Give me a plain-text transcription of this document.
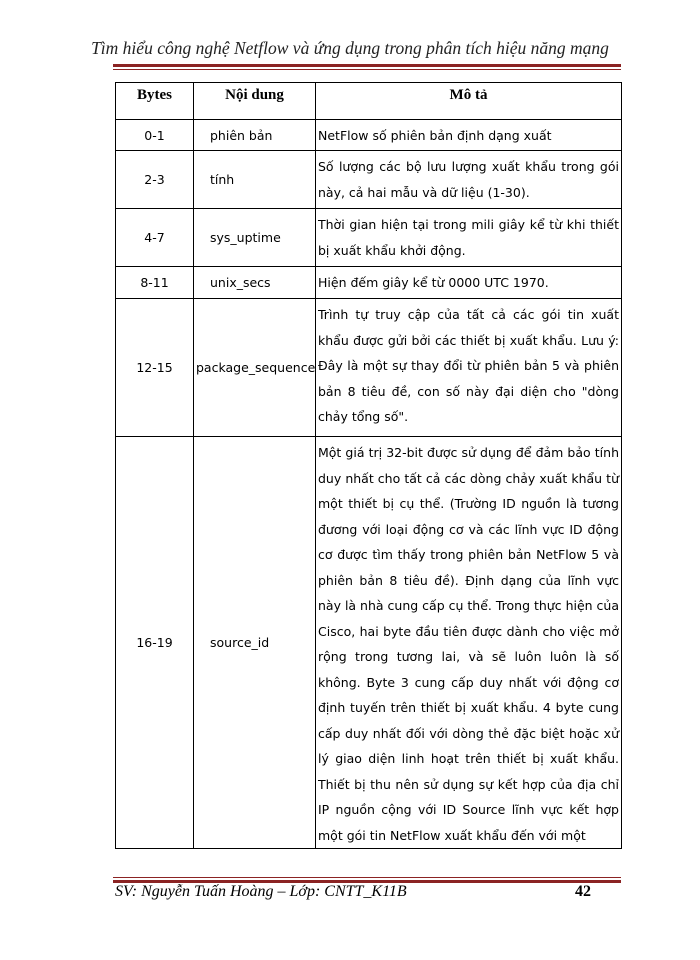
Tìm hiểu công nghệ Netflow và ứng dụng trong phân tích hiệu năng mạng
Bytes	Nội dung	Mô tả
0-1	phiên bản	NetFlow số phiên bản định dạng xuất
2-3	tính	Số lượng các bộ lưu lượng xuất khẩu trong gói này, cả hai mẫu và dữ liệu (1-30).
4-7	sys_uptime	Thời gian hiện tại trong mili giây kể từ khi thiết bị xuất khẩu khởi động.
8-11	unix_secs	Hiện đếm giây kể từ 0000 UTC 1970.
12-15	package_sequence	Trình tự truy cập của tất cả các gói tin xuất khẩu được gửi bởi các thiết bị xuất khẩu. Lưu ý: Đây là một sự thay đổi từ phiên bản 5 và phiên bản 8 tiêu đề, con số này đại diện cho "dòng chảy tổng số".
16-19	source_id	Một giá trị 32-bit được sử dụng để đảm bảo tính duy nhất cho tất cả các dòng chảy xuất khẩu từ một thiết bị cụ thể. (Trường ID nguồn là tương đương với loại động cơ và các lĩnh vực ID động cơ được tìm thấy trong phiên bản NetFlow 5 và phiên bản 8 tiêu đề). Định dạng của lĩnh vực này là nhà cung cấp cụ thể. Trong thực hiện của Cisco, hai byte đầu tiên được dành cho việc mở rộng trong tương lai, và sẽ luôn luôn là số không. Byte 3 cung cấp duy nhất với động cơ định tuyến trên thiết bị xuất khẩu. 4 byte cung cấp duy nhất đối với dòng thẻ đặc biệt hoặc xử lý giao diện linh hoạt trên thiết bị xuất khẩu. Thiết bị thu nên sử dụng sự kết hợp của địa chỉ IP nguồn cộng với ID Source lĩnh vực kết hợp một gói tin NetFlow xuất khẩu đến với một
SV: Nguyễn Tuấn Hoàng – Lớp: CNTT_K11B	42
